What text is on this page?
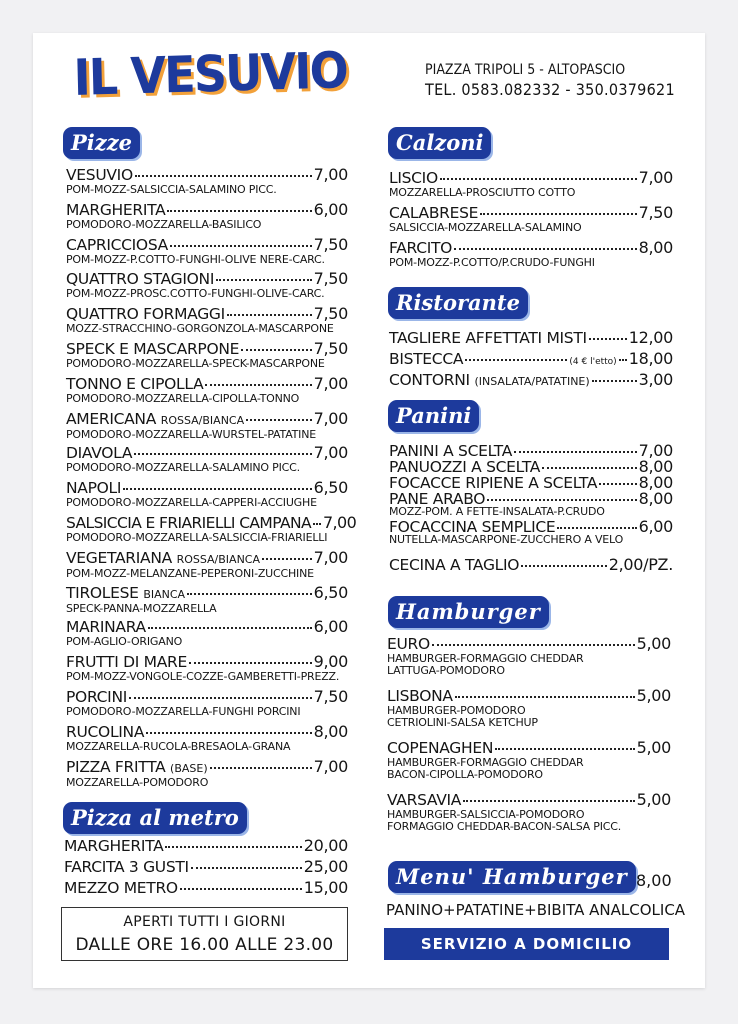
IL VESUVIO	PIAZZA TRIPOLI 5 - ALTOPASCIO
TEL. 0583.082332 - 350.0379621
Pizze
VESUVIO	7,00
POM-MOZZ-SALSICCIA-SALAMINO PICC.
MARGHERITA	6,00
POMODORO-MOZZARELLA-BASILICO
CAPRICCIOSA	7,50
POM-MOZZ-P.COTTO-FUNGHI-OLIVE NERE-CARC.
QUATTRO STAGIONI	7,50
POM-MOZZ-PROSC.COTTO-FUNGHI-OLIVE-CARC.
QUATTRO FORMAGGI	7,50
MOZZ-STRACCHINO-GORGONZOLA-MASCARPONE
SPECK E MASCARPONE	7,50
POMODORO-MOZZARELLA-SPECK-MASCARPONE
TONNO E CIPOLLA	7,00
POMODORO-MOZZARELLA-CIPOLLA-TONNO
AMERICANA ROSSA/BIANCA	7,00
POMODORO-MOZZARELLA-WURSTEL-PATATINE
DIAVOLA	7,00
POMODORO-MOZZARELLA-SALAMINO PICC.
NAPOLI	6,50
POMODORO-MOZZARELLA-CAPPERI-ACCIUGHE
SALSICCIA E FRIARIELLI CAMPANA 7,00
POMODORO-MOZZARELLA-SALSICCIA-FRIARIELLI
VEGETARIANA ROSSA/BIANCA	7,00
POM-MOZZ-MELANZANE-PEPERONI-ZUCCHINE
TIROLESE BIANCA	6,50
SPECK-PANNA-MOZZARELLA
MARINARA	6,00
POM-AGLIO-ORIGANO
FRUTTI DI MARE	9,00
POM-MOZZ-VONGOLE-COZZE-GAMBERETTI-PREZZ.
PORCINI	7,50
POMODORO-MOZZARELLA-FUNGHI PORCINI
RUCOLINA	8,00
MOZZARELLA-RUCOLA-BRESAOLA-GRANA
PIZZA FRITTA (BASE)	7,00
MOZZARELLA-POMODORO
Pizza al metro
MARGHERITA	20,00
FARCITA 3 GUSTI	25,00
MEZZO METRO	15,00
APERTI TUTTI I GIORNI
DALLE ORE 16.00 ALLE 23.00
Calzoni
LISCIO	7,00
MOZZARELLA-PROSCIUTTO COTTO
CALABRESE	7,50
SALSICCIA-MOZZARELLA-SALAMINO
FARCITO	8,00
POM-MOZZ-P.COTTO/P.CRUDO-FUNGHI
Ristorante
TAGLIERE AFFETTATI MISTI	12,00
BISTECCA	(4 € l'etto) 18,00
CONTORNI (INSALATA/PATATINE)	3,00
Panini
PANINI A SCELTA	7,00
PANUOZZI A SCELTA	8,00
FOCACCE RIPIENE A SCELTA	8,00
PANE ARABO	8,00
MOZZ-POM. A FETTE-INSALATA-P.CRUDO
FOCACCINA SEMPLICE	6,00
NUTELLA-MASCARPONE-ZUCCHERO A VELO
CECINA A TAGLIO	2,00/PZ.
Hamburger
EURO	5,00
HAMBURGER-FORMAGGIO CHEDDAR
LATTUGA-POMODORO
LISBONA	5,00
HAMBURGER-POMODORO
CETRIOLINI-SALSA KETCHUP
COPENAGHEN	5,00
HAMBURGER-FORMAGGIO CHEDDAR
BACON-CIPOLLA-POMODORO
VARSAVIA	5,00
HAMBURGER-SALSICCIA-POMODORO
FORMAGGIO CHEDDAR-BACON-SALSA PICC.
Menu' Hamburger 8,00
PANINO+PATATINE+BIBITA ANALCOLICA
SERVIZIO A DOMICILIO
